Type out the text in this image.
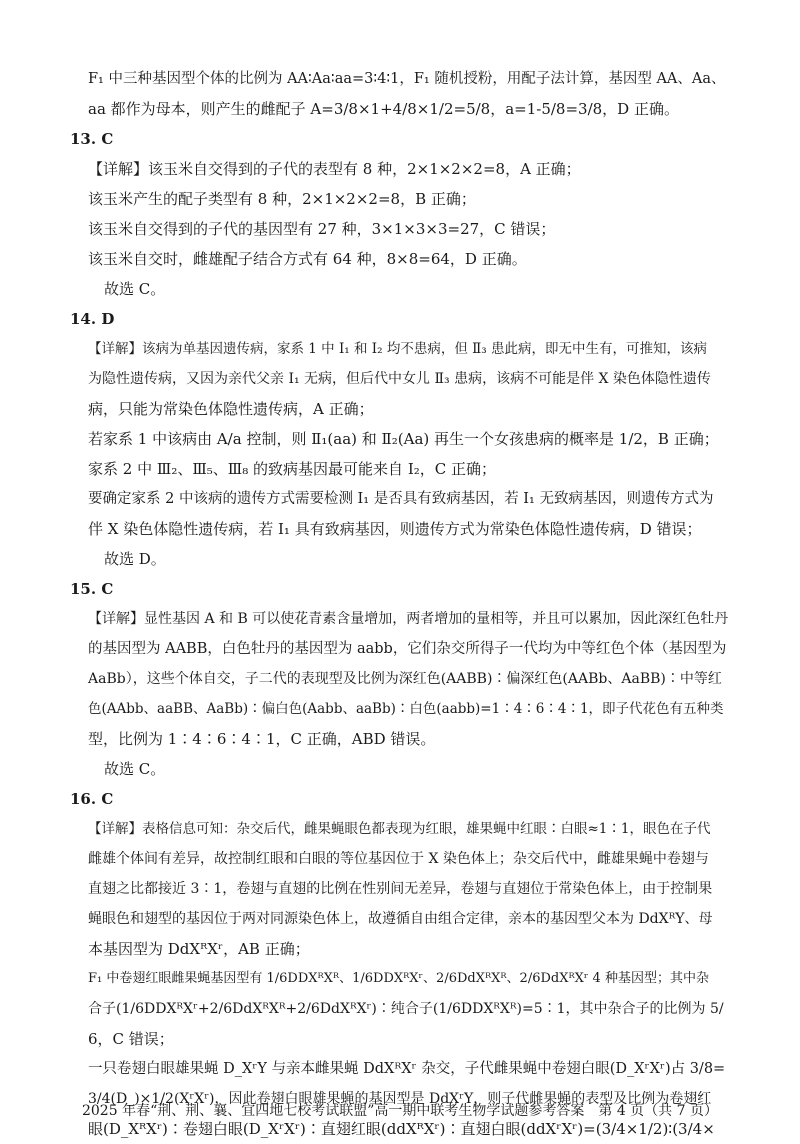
F₁ 中三种基因型个体的比例为 AA∶Aa∶aa=3∶4∶1，F₁ 随机授粉，用配子法计算，基因型 AA、Aa、
aa 都作为母本，则产生的雌配子 A=3/8×1+4/8×1/2=5/8，a=1-5/8=3/8，D 正确。
13. C
【详解】该玉米自交得到的子代的表型有 8 种，2×1×2×2=8，A 正确；
该玉米产生的配子类型有 8 种，2×1×2×2=8，B 正确；
该玉米自交得到的子代的基因型有 27 种，3×1×3×3=27，C 错误；
该玉米自交时，雌雄配子结合方式有 64 种，8×8=64，D 正确。
故选 C。
14. D
【详解】该病为单基因遗传病，家系 1 中 Ⅰ₁ 和 Ⅰ₂ 均不患病，但 Ⅱ₃ 患此病，即无中生有，可推知，该病
为隐性遗传病，又因为亲代父亲 Ⅰ₁ 无病，但后代中女儿 Ⅱ₃ 患病，该病不可能是伴 X 染色体隐性遗传
病，只能为常染色体隐性遗传病，A 正确；
若家系 1 中该病由 A/a 控制，则 Ⅱ₁(aa) 和 Ⅱ₂(Aa) 再生一个女孩患病的概率是 1/2，B 正确；
家系 2 中 Ⅲ₂、Ⅲ₅、Ⅲ₈ 的致病基因最可能来自 Ⅰ₂，C 正确；
要确定家系 2 中该病的遗传方式需要检测 Ⅰ₁ 是否具有致病基因，若 Ⅰ₁ 无致病基因，则遗传方式为
伴 X 染色体隐性遗传病，若 Ⅰ₁ 具有致病基因，则遗传方式为常染色体隐性遗传病，D 错误；
故选 D。
15. C
【详解】显性基因 A 和 B 可以使花青素含量增加，两者增加的量相等，并且可以累加，因此深红色牡丹
的基因型为 AABB，白色牡丹的基因型为 aabb，它们杂交所得子一代均为中等红色个体（基因型为
AaBb），这些个体自交，子二代的表现型及比例为深红色(AABB)∶偏深红色(AABb、AaBB)∶中等红
色(AAbb、aaBB、AaBb)∶偏白色(Aabb、aaBb)∶白色(aabb)=1∶4∶6∶4∶1，即子代花色有五种类
型，比例为 1∶4∶6∶4∶1，C 正确，ABD 错误。
故选 C。
16. C
【详解】表格信息可知：杂交后代，雌果蝇眼色都表现为红眼，雄果蝇中红眼∶白眼≈1∶1，眼色在子代
雌雄个体间有差异，故控制红眼和白眼的等位基因位于 X 染色体上；杂交后代中，雌雄果蝇中卷翅与
直翅之比都接近 3∶1，卷翅与直翅的比例在性别间无差异，卷翅与直翅位于常染色体上，由于控制果
蝇眼色和翅型的基因位于两对同源染色体上，故遵循自由组合定律，亲本的基因型父本为 DdXᴿY、母
本基因型为 DdXᴿXʳ，AB 正确；
F₁ 中卷翅红眼雌果蝇基因型有 1/6DDXᴿXᴿ、1/6DDXᴿXʳ、2/6DdXᴿXᴿ、2/6DdXᴿXʳ 4 种基因型；其中杂
合子(1/6DDXᴿXʳ+2/6DdXᴿXᴿ+2/6DdXᴿXʳ)∶纯合子(1/6DDXᴿXᴿ)=5∶1，其中杂合子的比例为 5/
6，C 错误；
一只卷翅白眼雄果蝇 D_XʳY 与亲本雌果蝇 DdXᴿXʳ 杂交，子代雌果蝇中卷翅白眼(D_XʳXʳ)占 3/8=
3/4(D_)×1/2(XʳXʳ)，因此卷翅白眼雄果蝇的基因型是 DdXʳY，则子代雌果蝇的表型及比例为卷翅红
眼(D_XᴿXʳ)∶卷翅白眼(D_XʳXʳ)∶直翅红眼(ddXᴿXʳ)∶直翅白眼(ddXʳXʳ)=(3/4×1/2)∶(3/4×
2025 年春“荆、荆、襄、宜四地七校考试联盟”高一期中联考生物学试题参考答案　第 4 页（共 7 页）
